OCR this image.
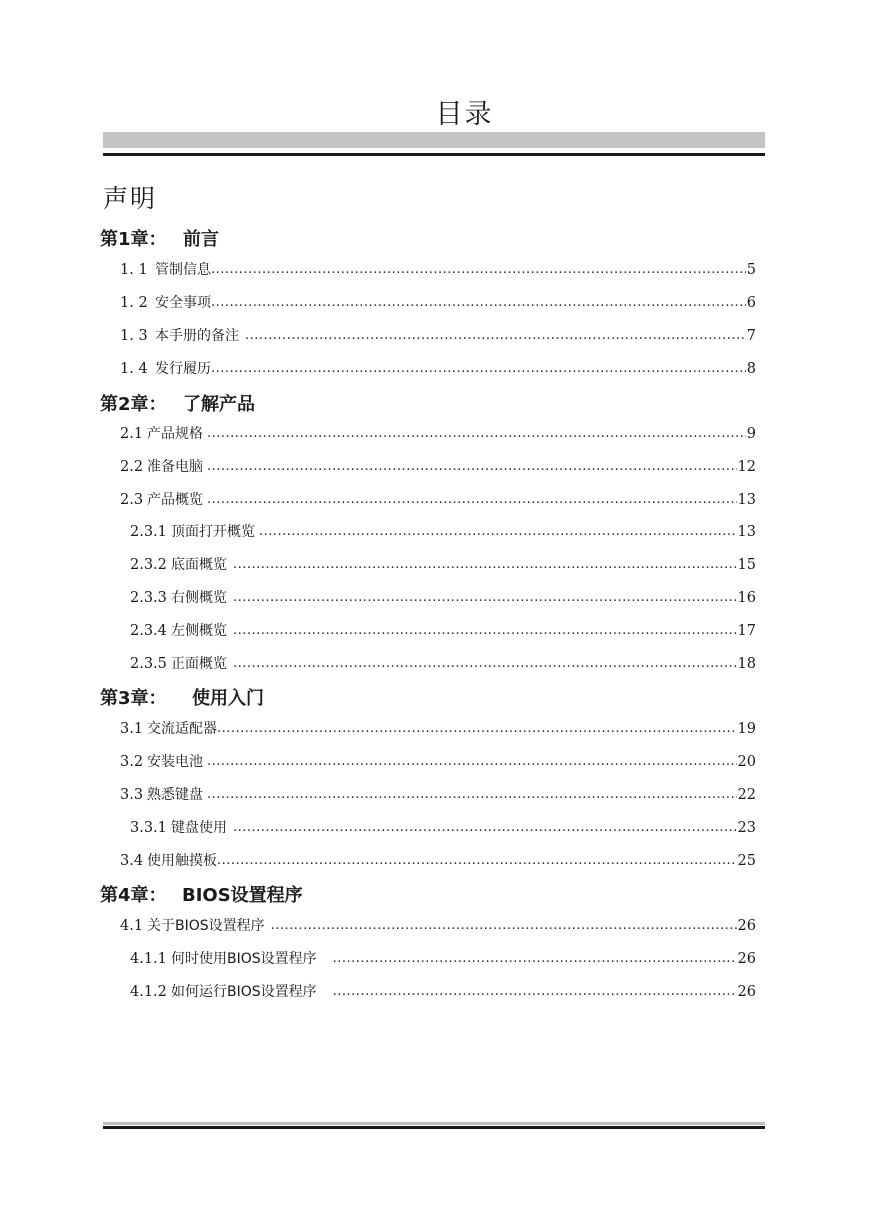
目录
声明
第1章： 前言
1. 1 管制信息 .....	5
1. 2 安全事项 .....	6
1. 3 本手册的备注 .....	7
1. 4 发行履历 .....	8
第2章： 了解产品
2.1 产品规格 .....	9
2.2 准备电脑 .....	12
2.3 产品概览 .....	13
2.3.1 顶面打开概览 .....	13
2.3.2 底面概览 .....	15
2.3.3 右侧概览 .....	16
2.3.4 左侧概览 .....	17
2.3.5 正面概览 .....	18
第3章： 使用入门
3.1 交流适配器 .....	19
3.2 安装电池 .....	20
3.3 熟悉键盘 .....	22
3.3.1 键盘使用 .....	23
3.4 使用触摸板 .....	25
第4章： BIOS设置程序
4.1 关于BIOS设置程序 .....	26
4.1.1 何时使用BIOS设置程序 .....	26
4.1.2 如何运行BIOS设置程序 .....	26
